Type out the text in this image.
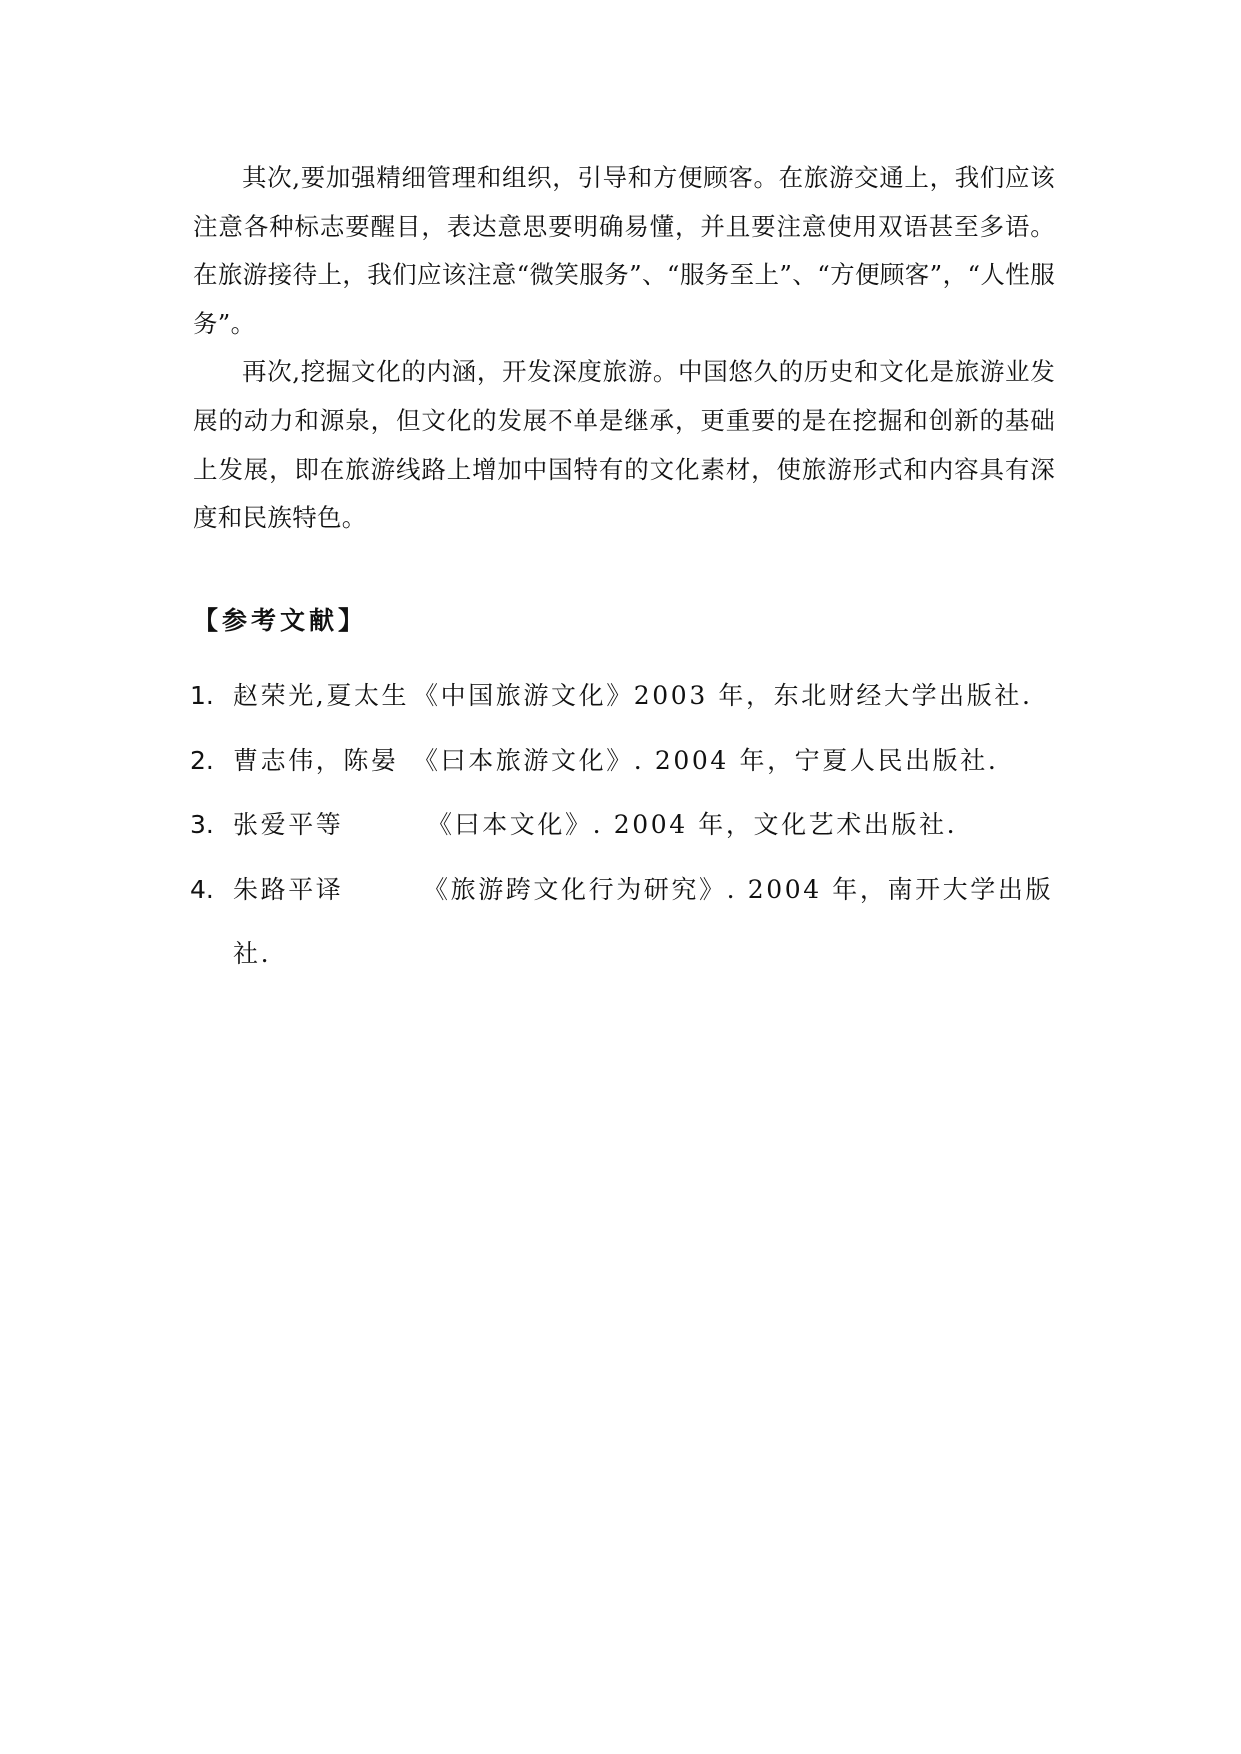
其次,要加强精细管理和组织，引导和方便顾客。在旅游交通上，我们应该注意各种标志要醒目，表达意思要明确易懂，并且要注意使用双语甚至多语。在旅游接待上，我们应该注意“微笑服务”、“服务至上”、“方便顾客”，“人性服务”。

再次,挖掘文化的内涵，开发深度旅游。中国悠久的历史和文化是旅游业发展的动力和源泉，但文化的发展不单是继承，更重要的是在挖掘和创新的基础上发展，即在旅游线路上增加中国特有的文化素材，使旅游形式和内容具有深度和民族特色。

【参考文献】
1. 赵荣光,夏太生 《中国旅游文化》2003 年，东北财经大学出版社.
2. 曹志伟，陈晏 《曰本旅游文化》. 2004 年，宁夏人民出版社.
3. 张爱平等	《曰本文化》. 2004 年，文化艺术出版社.
4. 朱路平译	《旅游跨文化行为研究》. 2004 年，南开大学出版社.
